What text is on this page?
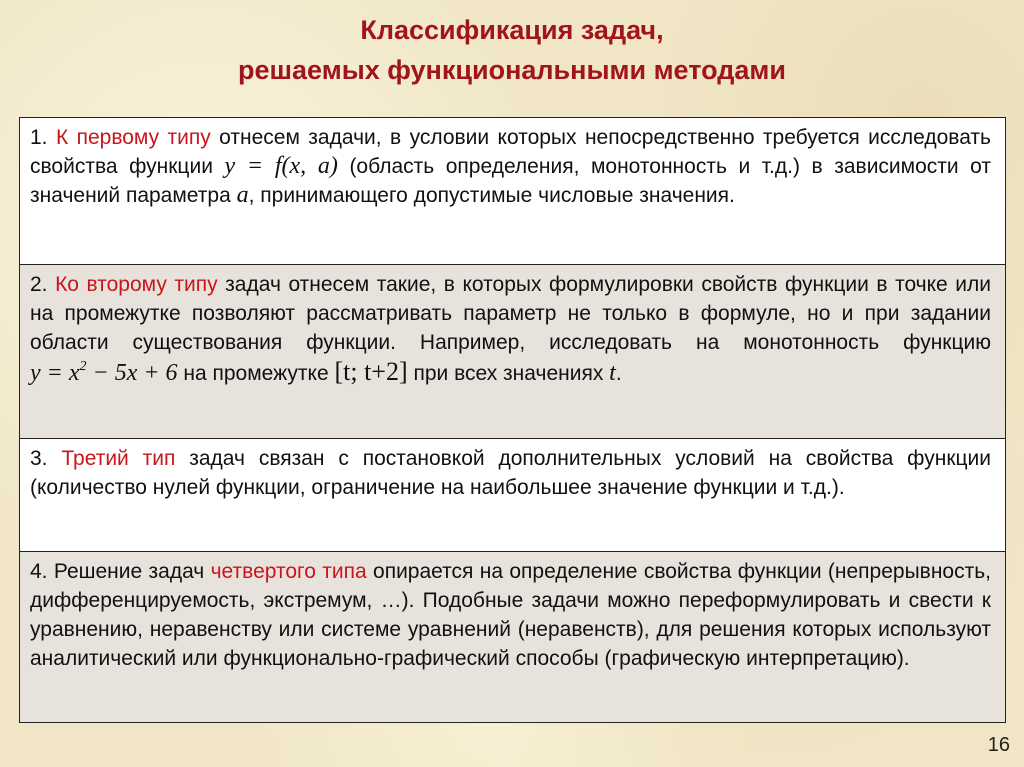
Классификация задач,
решаемых функциональными методами
1. К первому типу отнесем задачи, в условии которых непосредственно требуется исследовать свойства функции y = f(x, a) (область определения, монотонность и т.д.) в зависимости от значений параметра a, принимающего допустимые числовые значения.
2. Ко второму типу задач отнесем такие, в которых формулировки свойств функции в точке или на промежутке позволяют рассматривать параметр не только в формуле, но и при задании области существования функции. Например, исследовать на монотонность функцию $y = x^2 - 5x + 6$ на промежутке [t; t+2] при всех значениях t.
3. Третий тип задач связан с постановкой дополнительных условий на свойства функции (количество нулей функции, ограничение на наибольшее значение функции и т.д.).
4. Решение задач четвертого типа опирается на определение свойства функции (непрерывность, дифференцируемость, экстремум, …). Подобные задачи можно переформулировать и свести к уравнению, неравенству или системе уравнений (неравенств), для решения которых используют аналитический или функционально-графический способы (графическую интерпретацию).
16
